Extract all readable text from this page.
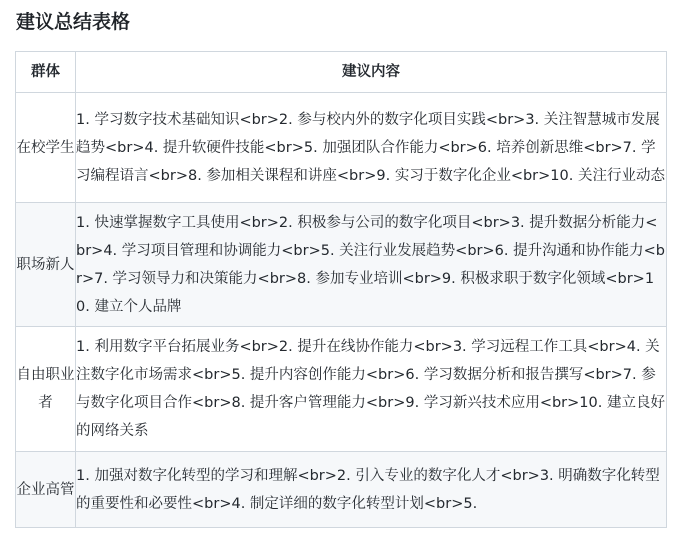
建议总结表格
群体	建议内容
在校学生	1. 学习数字技术基础知识<br>2. 参与校内外的数字化项目实践<br>3. 关注智慧城市发展趋势<br>4. 提升软硬件技能<br>5. 加强团队合作能力<br>6. 培养创新思维<br>7. 学习编程语言<br>8. 参加相关课程和讲座<br>9. 实习于数字化企业<br>10. 关注行业动态
职场新人	1. 快速掌握数字工具使用<br>2. 积极参与公司的数字化项目<br>3. 提升数据分析能力<br>4. 学习项目管理和协调能力<br>5. 关注行业发展趋势<br>6. 提升沟通和协作能力<br>7. 学习领导力和决策能力<br>8. 参加专业培训<br>9. 积极求职于数字化领域<br>10. 建立个人品牌
自由职业者	1. 利用数字平台拓展业务<br>2. 提升在线协作能力<br>3. 学习远程工作工具<br>4. 关注数字化市场需求<br>5. 提升内容创作能力<br>6. 学习数据分析和报告撰写<br>7. 参与数字化项目合作<br>8. 提升客户管理能力<br>9. 学习新兴技术应用<br>10. 建立良好的网络关系
企业高管	1. 加强对数字化转型的学习和理解<br>2. 引入专业的数字化人才<br>3. 明确数字化转型的重要性和必要性<br>4. 制定详细的数字化转型计划<br>5.
